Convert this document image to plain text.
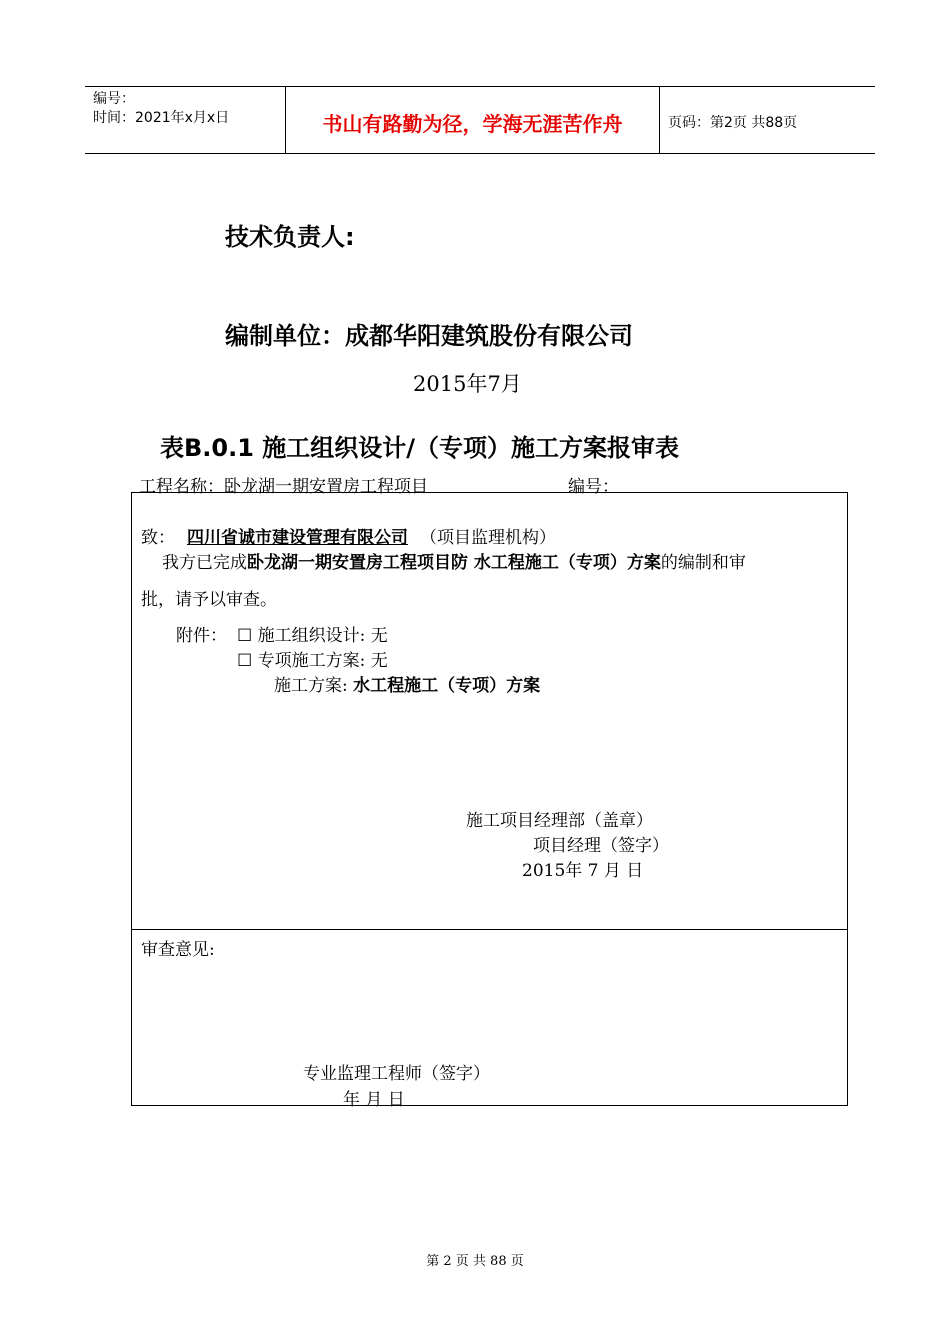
编号：
时间：2021年x月x日	书山有路勤为径，学海无涯苦作舟	页码：第2页 共88页
技术负责人:
编制单位：成都华阳建筑股份有限公司
2015年7月
表B.0.1 施工组织设计/（专项）施工方案报审表
工程名称：卧龙湖一期安置房工程项目	编号：
致： 四川省诚市建设管理有限公司 （项目监理机构）
我方已完成卧龙湖一期安置房工程项目防 水工程施工（专项）方案的编制和审
批，请予以审查。
附件： ☐ 施工组织设计: 无
☐ 专项施工方案: 无
施工方案: 水工程施工（专项）方案
施工项目经理部（盖章）
项目经理（签字）
2015年 7 月 日
审查意见:
专业监理工程师（签字）
年 月 日
第 2 页 共 88 页
